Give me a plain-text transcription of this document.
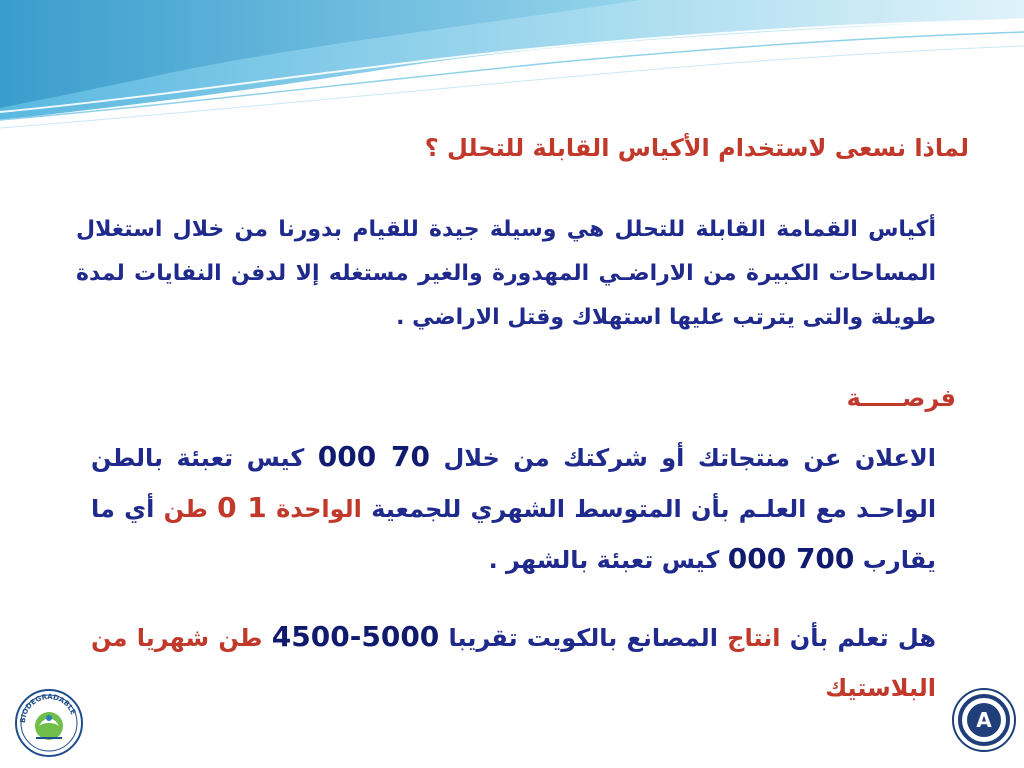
لماذا نسعى لاستخدام الأكياس القابلة للتحلل ؟
أكياس القمامة القابلة للتحلل هي وسيلة جيدة للقيام بدورنا من خلال استغلال المساحات الكبيرة من الاراضـي المهدورة والغير مستغله إلا لدفن النفايات لمدة طويلة والتى يترتب عليها استهلاك وقتل الاراضي .
فرصـــــة
الاعلان عن منتجاتك أو شركتك من خلال 70 000 كيس تعبئة بالطن الواحـد مع العلـم بأن المتوسط الشهري للجمعية الواحدة 1 0 طن أي ما يقارب 700 000 كيس تعبئة بالشهر .
هل تعلم بأن انتاج المصانع بالكويت تقريبا 5000-4500 طن شهريا من البلاستيك
BIODEGRADABLE	A
